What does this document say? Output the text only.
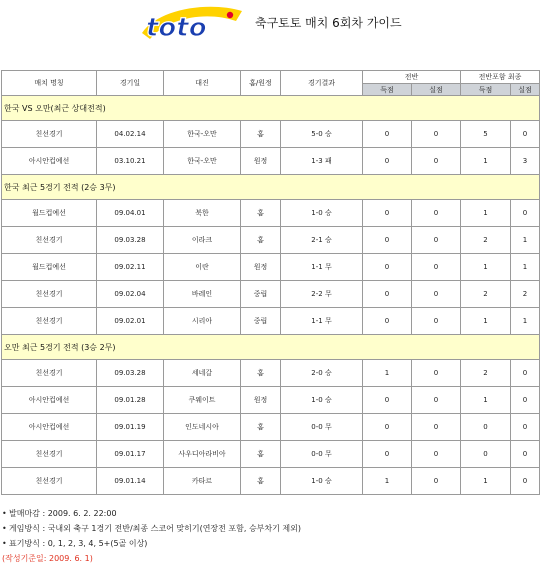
toto	축구토토 매치 6회차 가이드
매치 명칭	경기일	대진	홈/원정	경기결과	전반		전반포함 최종	
					득점	실점	득점	실점
한국 VS 오만(최근 상대전적)								
친선경기	04.02.14	한국-오만	홈	5-0 승	0	0	5	0
아시안컵예선	03.10.21	한국-오만	원정	1-3 패	0	0	1	3
한국 최근 5경기 전적 (2승 3무)								
월드컵예선	09.04.01	북한	홈	1-0 승	0	0	1	0
친선경기	09.03.28	이라크	홈	2-1 승	0	0	2	1
월드컵예선	09.02.11	이란	원정	1-1 무	0	0	1	1
친선경기	09.02.04	바레인	중립	2-2 무	0	0	2	2
친선경기	09.02.01	시리아	중립	1-1 무	0	0	1	1
오만 최근 5경기 전적 (3승 2무)								
친선경기	09.03.28	세네갈	홈	2-0 승	1	0	2	0
아시안컵예선	09.01.28	쿠웨이트	원정	1-0 승	0	0	1	0
아시안컵예선	09.01.19	인도네시아	홈	0-0 무	0	0	0	0
친선경기	09.01.17	사우디아라비아	홈	0-0 무	0	0	0	0
친선경기	09.01.14	카타르	홈	1-0 승	1	0	1	0
• 발매마감 : 2009. 6. 2. 22:00
• 게임방식 : 국내외 축구 1경기 전반/최종 스코어 맞히기(연장전 포함, 승부차기 제외)
• 표기방식 : 0, 1, 2, 3, 4, 5+(5골 이상)
(작성기준일: 2009. 6. 1)
